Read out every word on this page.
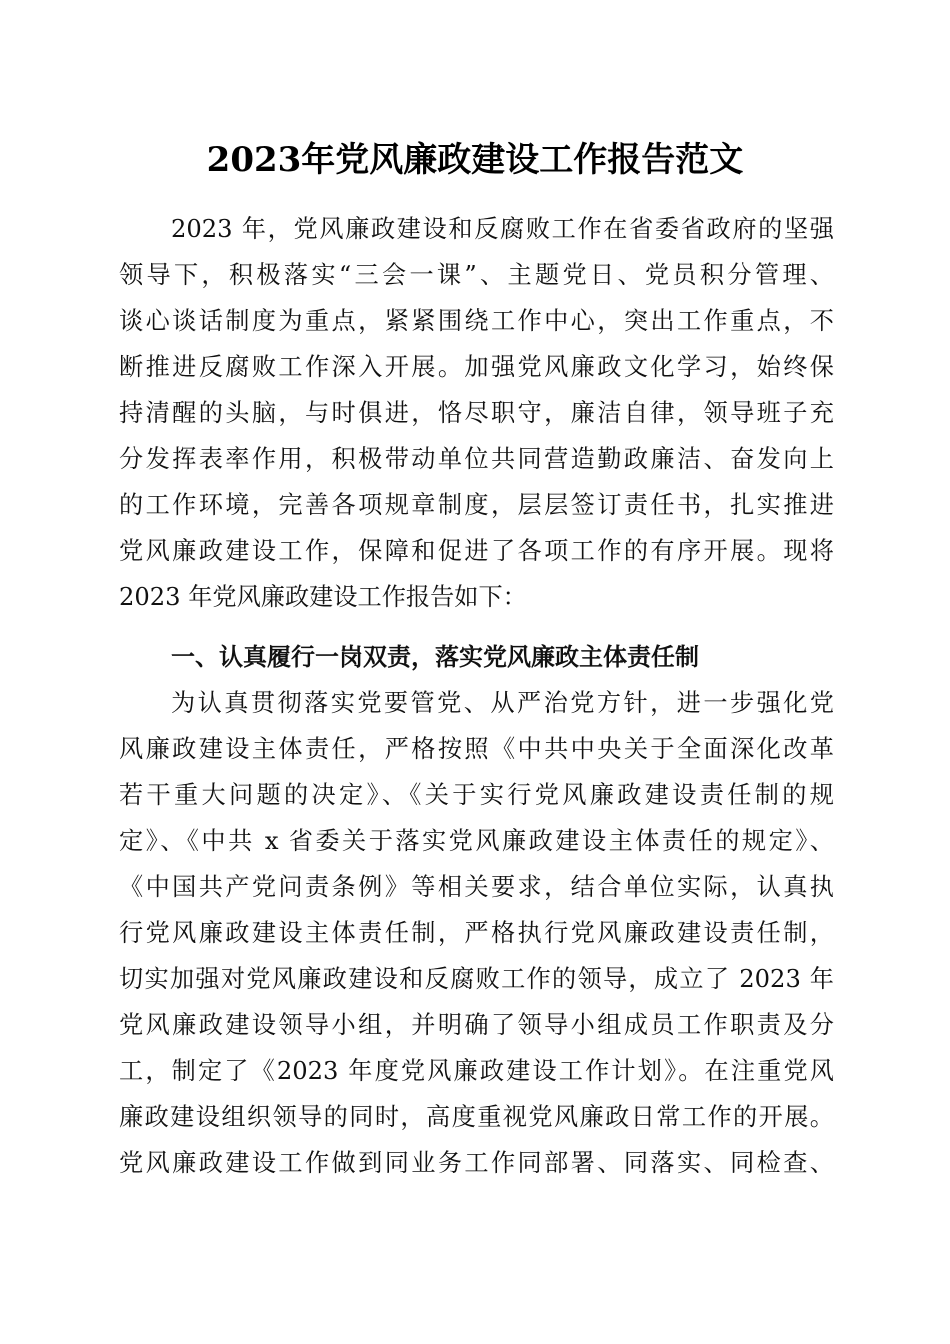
2023年党风廉政建设工作报告范文
2023 年，党风廉政建设和反腐败工作在省委省政府的坚强
领导下，积极落实“三会一课”、主题党日、党员积分管理、
谈心谈话制度为重点，紧紧围绕工作中心，突出工作重点，不
断推进反腐败工作深入开展。加强党风廉政文化学习，始终保
持清醒的头脑，与时俱进，恪尽职守，廉洁自律，领导班子充
分发挥表率作用，积极带动单位共同营造勤政廉洁、奋发向上
的工作环境，完善各项规章制度，层层签订责任书，扎实推进
党风廉政建设工作，保障和促进了各项工作的有序开展。现将
2023 年党风廉政建设工作报告如下：
一、认真履行一岗双责，落实党风廉政主体责任制
为认真贯彻落实党要管党、从严治党方针，进一步强化党
风廉政建设主体责任，严格按照《中共中央关于全面深化改革
若干重大问题的决定》、《关于实行党风廉政建设责任制的规
定》、《中共 x 省委关于落实党风廉政建设主体责任的规定》、
《中国共产党问责条例》等相关要求，结合单位实际，认真执
行党风廉政建设主体责任制，严格执行党风廉政建设责任制，
切实加强对党风廉政建设和反腐败工作的领导，成立了 2023 年
党风廉政建设领导小组，并明确了领导小组成员工作职责及分
工，制定了《2023 年度党风廉政建设工作计划》。在注重党风
廉政建设组织领导的同时，高度重视党风廉政日常工作的开展。
党风廉政建设工作做到同业务工作同部署、同落实、同检查、
